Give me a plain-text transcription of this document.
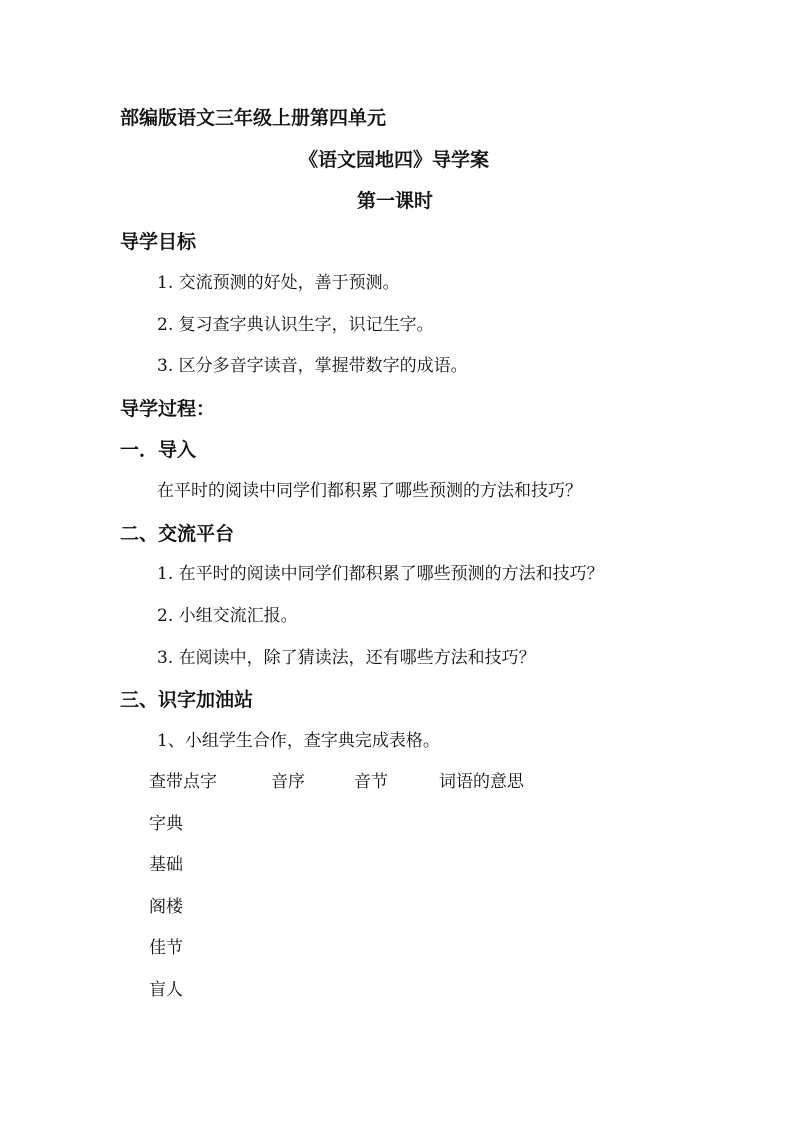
部编版语文三年级上册第四单元
《语文园地四》导学案
第一课时
导学目标
1. 交流预测的好处，善于预测。
2. 复习查字典认识生字，识记生字。
3. 区分多音字读音，掌握带数字的成语。
导学过程：
一．导入
在平时的阅读中同学们都积累了哪些预测的方法和技巧？
二、交流平台
1. 在平时的阅读中同学们都积累了哪些预测的方法和技巧？
2. 小组交流汇报。
3. 在阅读中，除了猜读法，还有哪些方法和技巧？
三、识字加油站
1、小组学生合作，查字典完成表格。
查带点字	音序	音节	词语的意思
字典
基础
阁楼
佳节
盲人
